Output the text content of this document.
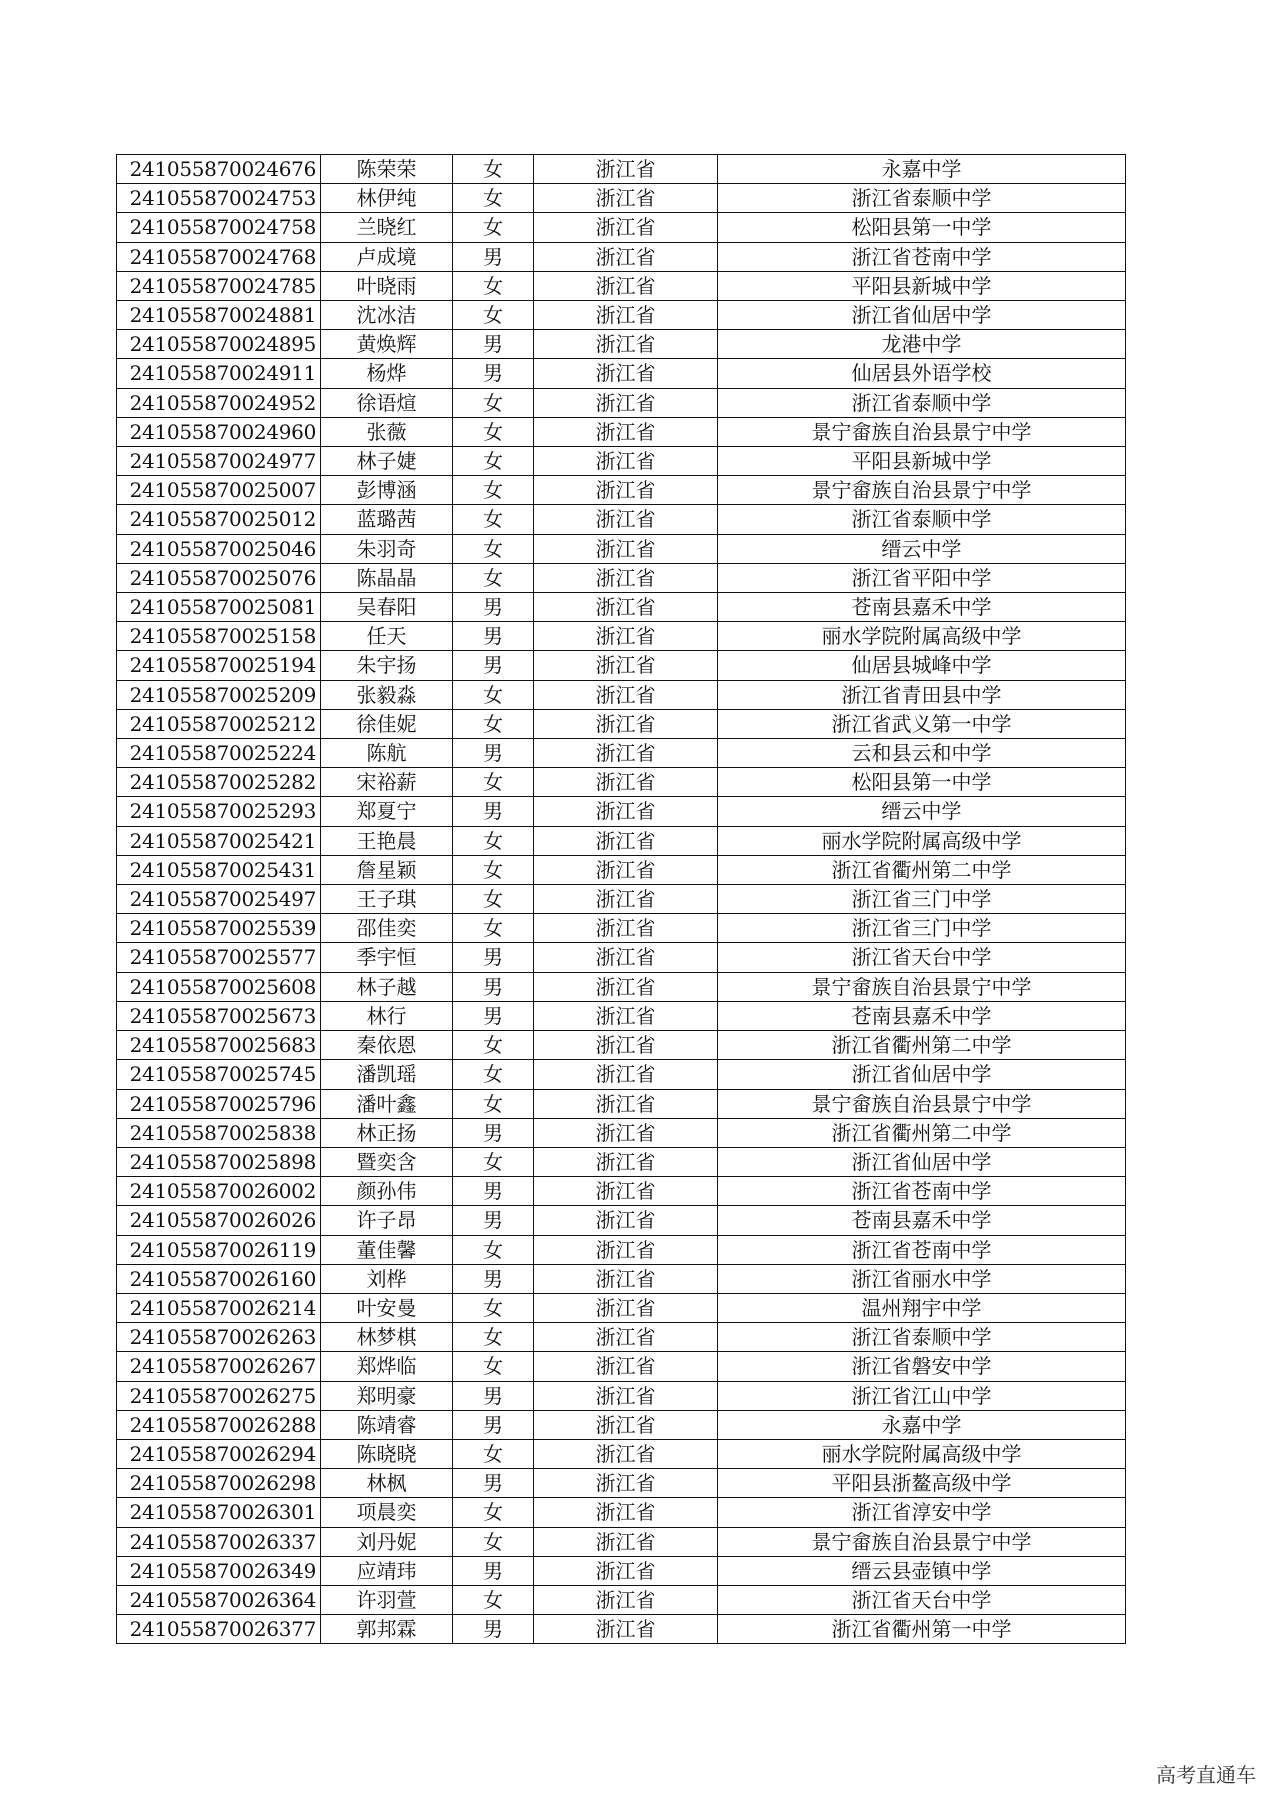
241055870024676	陈荣荣	女	浙江省	永嘉中学
241055870024753	林伊纯	女	浙江省	浙江省泰顺中学
241055870024758	兰晓红	女	浙江省	松阳县第一中学
241055870024768	卢成境	男	浙江省	浙江省苍南中学
241055870024785	叶晓雨	女	浙江省	平阳县新城中学
241055870024881	沈冰洁	女	浙江省	浙江省仙居中学
241055870024895	黄焕辉	男	浙江省	龙港中学
241055870024911	杨烨	男	浙江省	仙居县外语学校
241055870024952	徐语煊	女	浙江省	浙江省泰顺中学
241055870024960	张薇	女	浙江省	景宁畲族自治县景宁中学
241055870024977	林子婕	女	浙江省	平阳县新城中学
241055870025007	彭博涵	女	浙江省	景宁畲族自治县景宁中学
241055870025012	蓝璐茜	女	浙江省	浙江省泰顺中学
241055870025046	朱羽奇	女	浙江省	缙云中学
241055870025076	陈晶晶	女	浙江省	浙江省平阳中学
241055870025081	吴春阳	男	浙江省	苍南县嘉禾中学
241055870025158	任天	男	浙江省	丽水学院附属高级中学
241055870025194	朱宇扬	男	浙江省	仙居县城峰中学
241055870025209	张毅淼	女	浙江省	浙江省青田县中学
241055870025212	徐佳妮	女	浙江省	浙江省武义第一中学
241055870025224	陈航	男	浙江省	云和县云和中学
241055870025282	宋裕薪	女	浙江省	松阳县第一中学
241055870025293	郑夏宁	男	浙江省	缙云中学
241055870025421	王艳晨	女	浙江省	丽水学院附属高级中学
241055870025431	詹星颖	女	浙江省	浙江省衢州第二中学
241055870025497	王子琪	女	浙江省	浙江省三门中学
241055870025539	邵佳奕	女	浙江省	浙江省三门中学
241055870025577	季宇恒	男	浙江省	浙江省天台中学
241055870025608	林子越	男	浙江省	景宁畲族自治县景宁中学
241055870025673	林行	男	浙江省	苍南县嘉禾中学
241055870025683	秦依恩	女	浙江省	浙江省衢州第二中学
241055870025745	潘凯瑶	女	浙江省	浙江省仙居中学
241055870025796	潘叶鑫	女	浙江省	景宁畲族自治县景宁中学
241055870025838	林正扬	男	浙江省	浙江省衢州第二中学
241055870025898	暨奕含	女	浙江省	浙江省仙居中学
241055870026002	颜孙伟	男	浙江省	浙江省苍南中学
241055870026026	许子昂	男	浙江省	苍南县嘉禾中学
241055870026119	董佳馨	女	浙江省	浙江省苍南中学
241055870026160	刘桦	男	浙江省	浙江省丽水中学
241055870026214	叶安曼	女	浙江省	温州翔宇中学
241055870026263	林梦棋	女	浙江省	浙江省泰顺中学
241055870026267	郑烨临	女	浙江省	浙江省磐安中学
241055870026275	郑明豪	男	浙江省	浙江省江山中学
241055870026288	陈靖睿	男	浙江省	永嘉中学
241055870026294	陈晓晓	女	浙江省	丽水学院附属高级中学
241055870026298	林枫	男	浙江省	平阳县浙鳌高级中学
241055870026301	项晨奕	女	浙江省	浙江省淳安中学
241055870026337	刘丹妮	女	浙江省	景宁畲族自治县景宁中学
241055870026349	应靖玮	男	浙江省	缙云县壶镇中学
241055870026364	许羽萱	女	浙江省	浙江省天台中学
241055870026377	郭邦霖	男	浙江省	浙江省衢州第一中学
高考直通车
